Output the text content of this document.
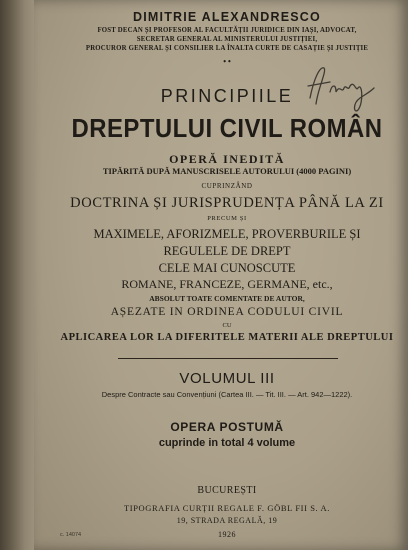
DIMITRIE ALEXANDRESCO

FOST DECAN ȘI PROFESOR AL FACULTĂȚII JURIDICE DIN IAȘI, ADVOCAT,

SECRETAR GENERAL AL MINISTERULUI JUSTIȚIEI,

PROCUROR GENERAL ȘI CONSILIER LA ÎNALTA CURTE DE CASAȚIE ȘI JUSTIȚIE

• •

PRINCIPIILE

DREPTULUI CIVIL ROMÂN

OPERĂ INEDITĂ

TIPĂRITĂ DUPĂ MANUSCRISELE AUTORULUI (4000 PAGINI)

CUPRINZÂND

DOCTRINA ȘI JURISPRUDENȚA PÂNĂ LA ZI

PRECUM ȘI

MAXIMELE, AFORIZMELE, PROVERBURILE ȘI

REGULELE DE DREPT

CELE MAI CUNOSCUTE

ROMANE, FRANCEZE, GERMANE, etc.,

ABSOLUT TOATE COMENTATE DE AUTOR,

AȘEZATE IN ORDINEA CODULUI CIVIL

CU

APLICAREA LOR LA DIFERITELE MATERII ALE DREPTULUI

VOLUMUL III

Despre Contracte sau Convențiuni (Cartea III. — Tit. III. — Art. 942—1222).

OPERA POSTUMĂ

cuprinde in total 4 volume

BUCUREȘTI

TIPOGRAFIA CURȚII REGALE F. GÖBL FII S. A.

19, STRADA REGALĂ, 19

1926

c. 14074
